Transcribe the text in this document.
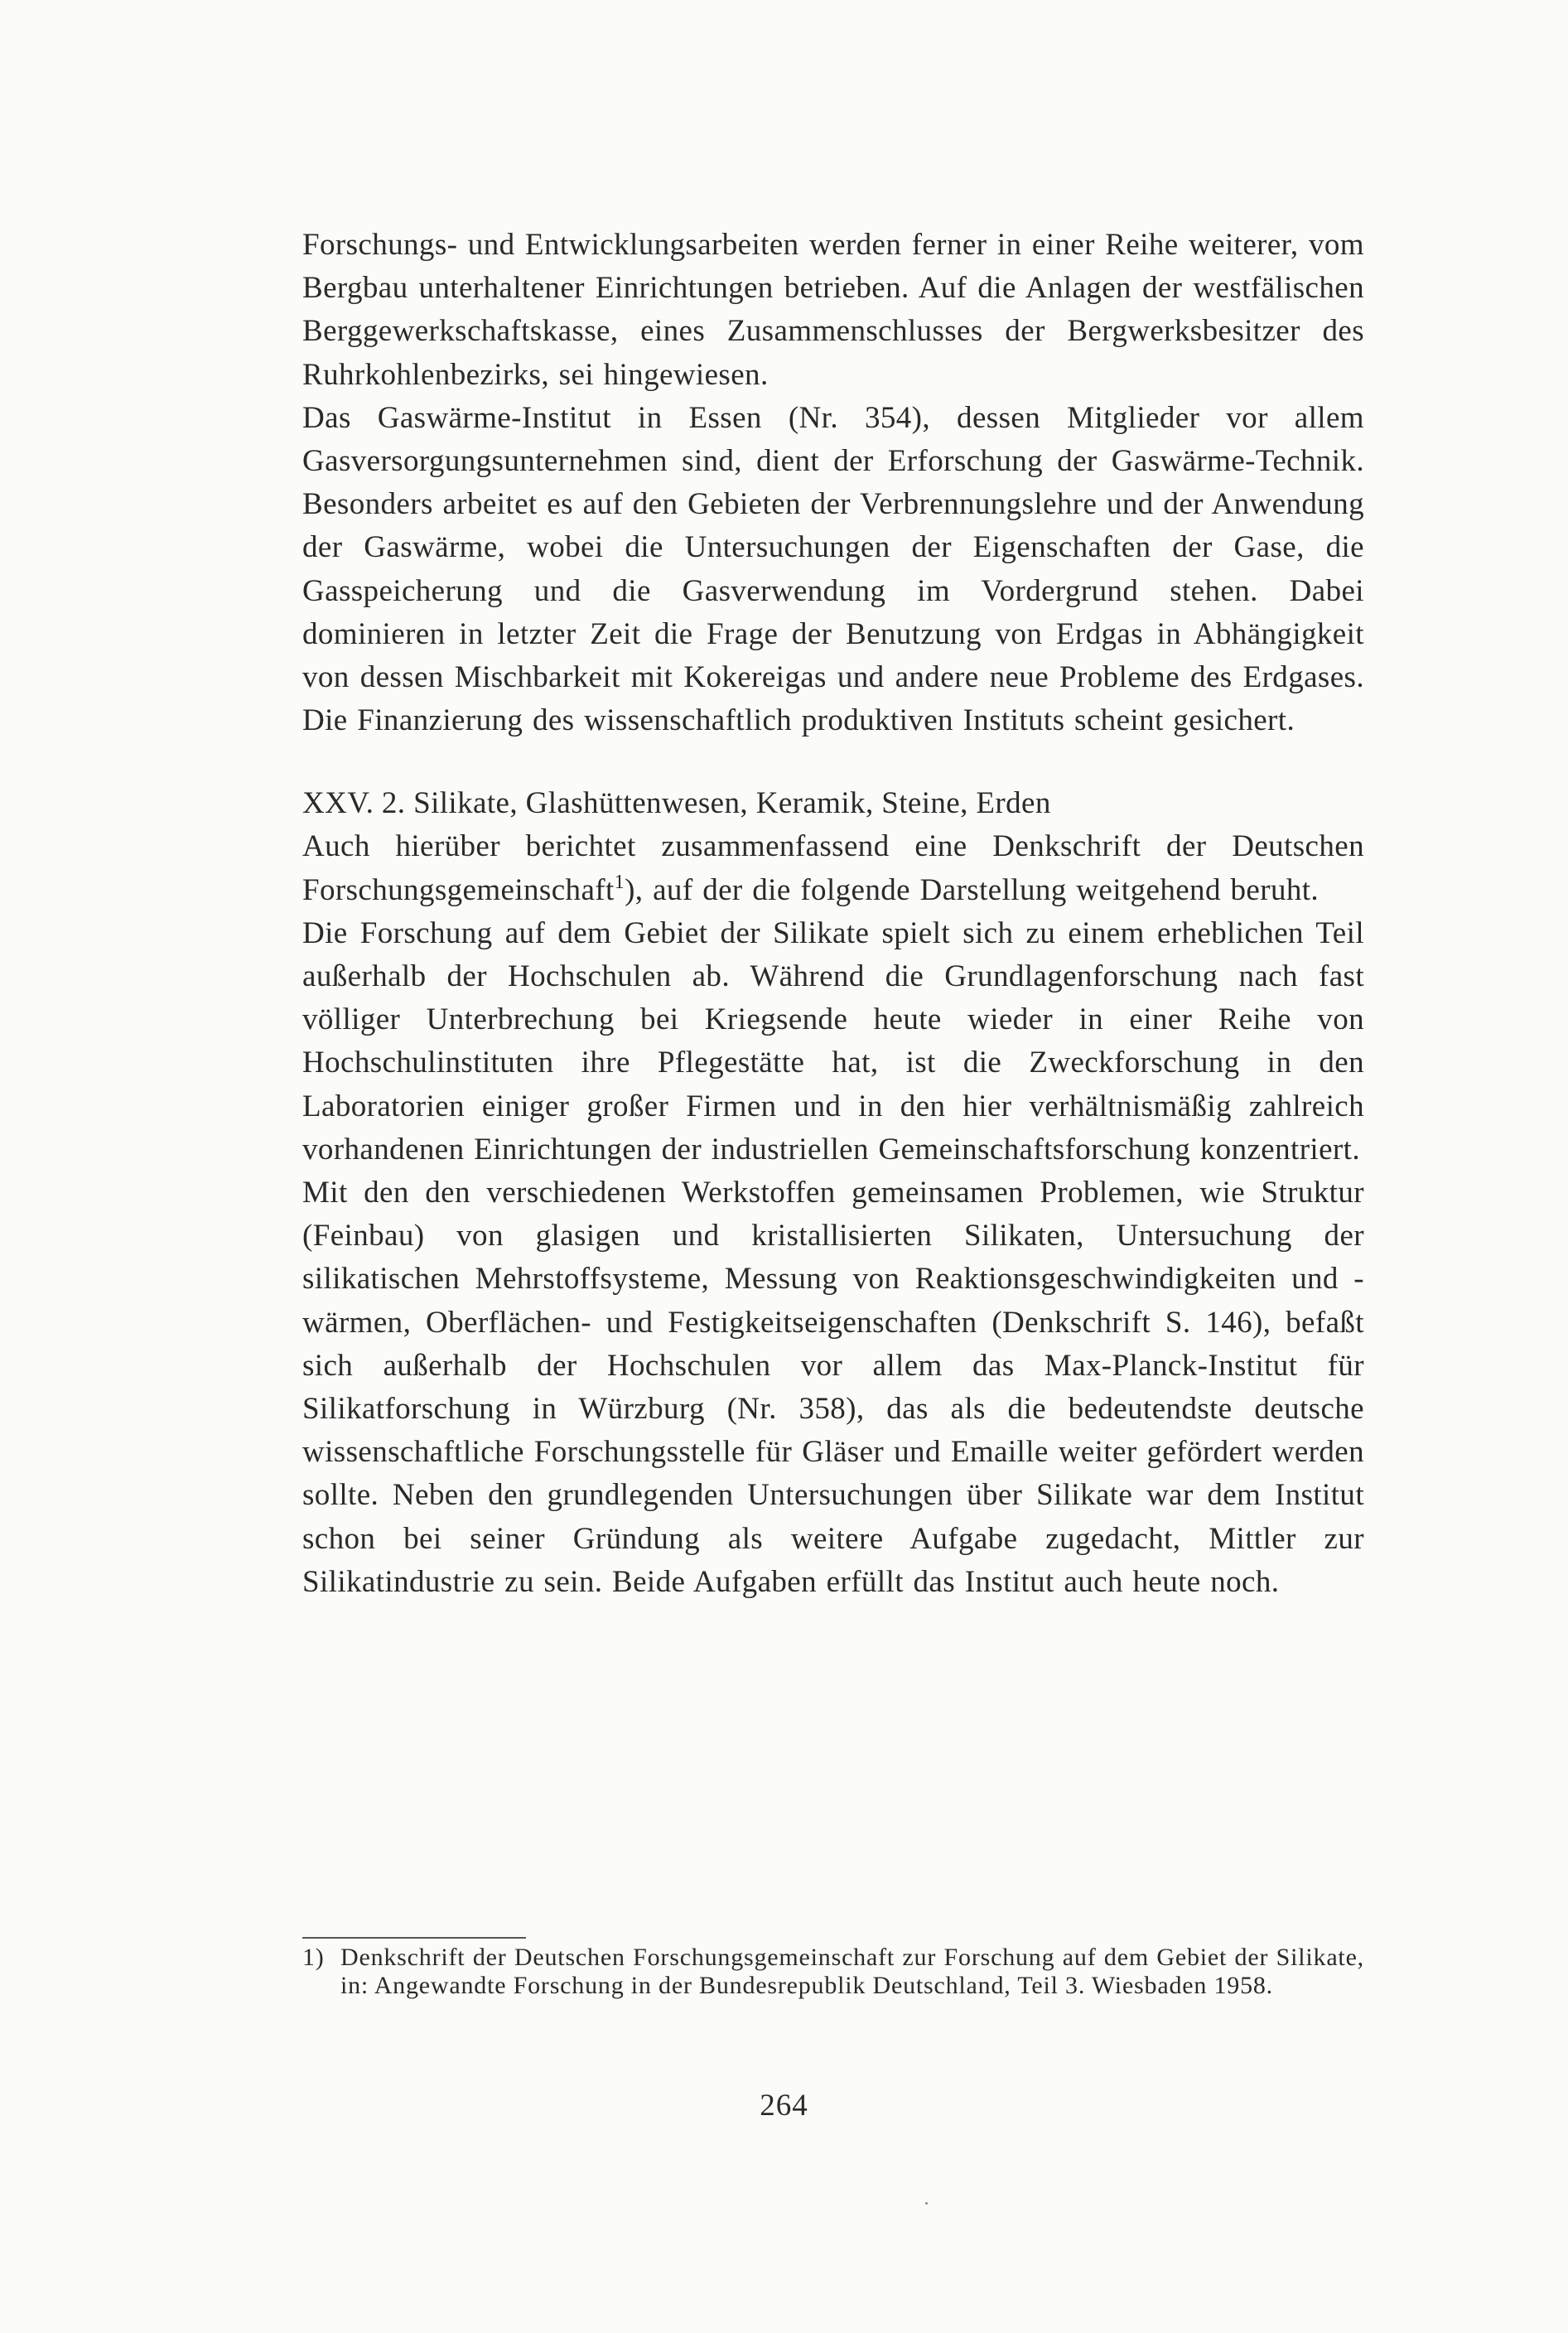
Forschungs- und Entwicklungsarbeiten werden ferner in einer Reihe weiterer, vom Bergbau unterhaltener Einrichtungen betrieben. Auf die Anlagen der westfälischen Berggewerkschaftskasse, eines Zusammenschlusses der Bergwerksbesitzer des Ruhrkohlenbezirks, sei hingewiesen.

Das Gaswärme-Institut in Essen (Nr. 354), dessen Mitglieder vor allem Gasversorgungsunternehmen sind, dient der Erforschung der Gaswärme-Technik. Besonders arbeitet es auf den Gebieten der Verbrennungslehre und der Anwendung der Gaswärme, wobei die Untersuchungen der Eigenschaften der Gase, die Gasspeicherung und die Gasverwendung im Vordergrund stehen. Dabei dominieren in letzter Zeit die Frage der Benutzung von Erdgas in Abhängigkeit von dessen Mischbarkeit mit Kokereigas und andere neue Probleme des Erdgases. Die Finanzierung des wissenschaftlich produktiven Instituts scheint gesichert.

XXV. 2. Silikate, Glashüttenwesen, Keramik, Steine, Erden

Auch hierüber berichtet zusammenfassend eine Denkschrift der Deutschen Forschungsgemeinschaft$^1$), auf der die folgende Darstellung weitgehend beruht.

Die Forschung auf dem Gebiet der Silikate spielt sich zu einem erheblichen Teil außerhalb der Hochschulen ab. Während die Grundlagenforschung nach fast völliger Unterbrechung bei Kriegsende heute wieder in einer Reihe von Hochschulinstituten ihre Pflegestätte hat, ist die Zweckforschung in den Laboratorien einiger großer Firmen und in den hier verhältnismäßig zahlreich vorhandenen Einrichtungen der industriellen Gemeinschaftsforschung konzentriert.

Mit den den verschiedenen Werkstoffen gemeinsamen Problemen, wie Struktur (Feinbau) von glasigen und kristallisierten Silikaten, Untersuchung der silikatischen Mehrstoffsysteme, Messung von Reaktionsgeschwindigkeiten und -wärmen, Oberflächen- und Festigkeitseigenschaften (Denkschrift S. 146), befaßt sich außerhalb der Hochschulen vor allem das Max-Planck-Institut für Silikatforschung in Würzburg (Nr. 358), das als die bedeutendste deutsche wissenschaftliche Forschungsstelle für Gläser und Emaille weiter gefördert werden sollte. Neben den grundlegenden Untersuchungen über Silikate war dem Institut schon bei seiner Gründung als weitere Aufgabe zugedacht, Mittler zur Silikatindustrie zu sein. Beide Aufgaben erfüllt das Institut auch heute noch.

1) Denkschrift der Deutschen Forschungsgemeinschaft zur Forschung auf dem Gebiet der Silikate, in: Angewandte Forschung in der Bundesrepublik Deutschland, Teil 3. Wiesbaden 1958.
264
